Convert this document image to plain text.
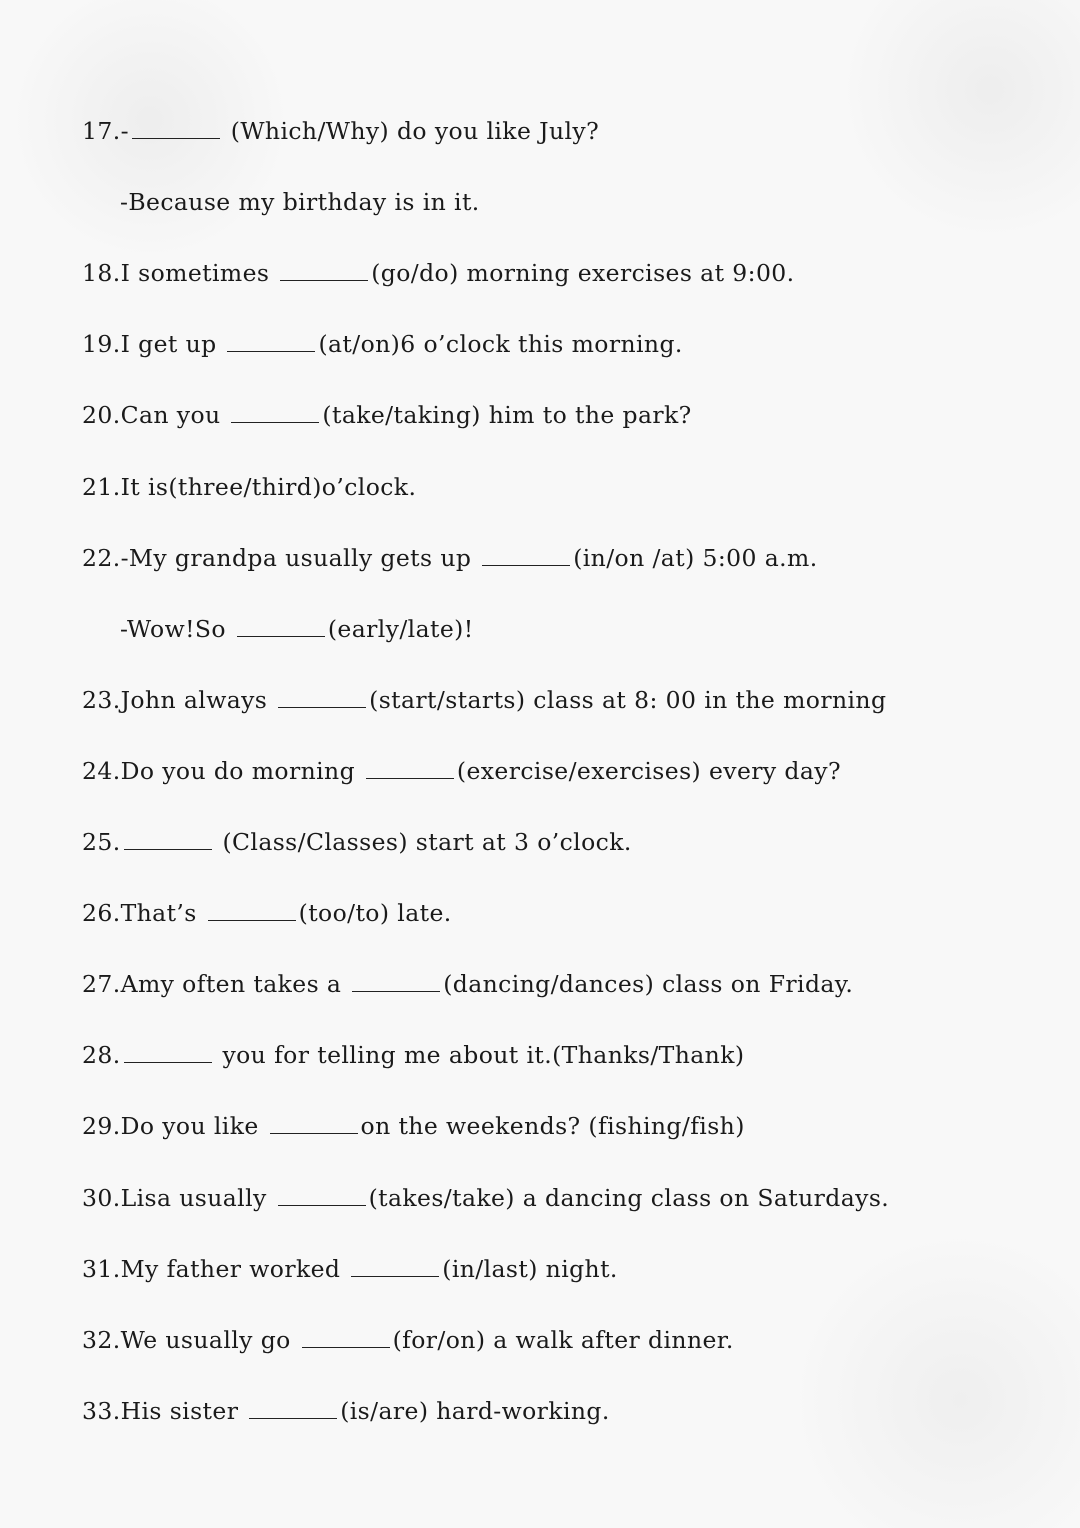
17.-	(Which/Why) do you like July?
-Because my birthday is in it.
18.I sometimes	(go/do) morning exercises at 9:00.
19.I get up	(at/on)6 o’clock this morning.
20.Can you	(take/taking) him to the park?
21.It is(three/third)o’clock.
22.-My grandpa usually gets up	(in/on /at) 5:00 a.m.
-Wow!So	(early/late)!
23.John always	(start/starts) class at 8: 00 in the morning
24.Do you do morning	(exercise/exercises) every day?
25.	(Class/Classes) start at 3 o’clock.
26.That’s	(too/to) late.
27.Amy often takes a	(dancing/dances) class on Friday.
28.	you for telling me about it.(Thanks/Thank)
29.Do you like	on the weekends? (fishing/fish)
30.Lisa usually	(takes/take) a dancing class on Saturdays.
31.My father worked	(in/last) night.
32.We usually go	(for/on) a walk after dinner.
33.His sister	(is/are) hard-working.
